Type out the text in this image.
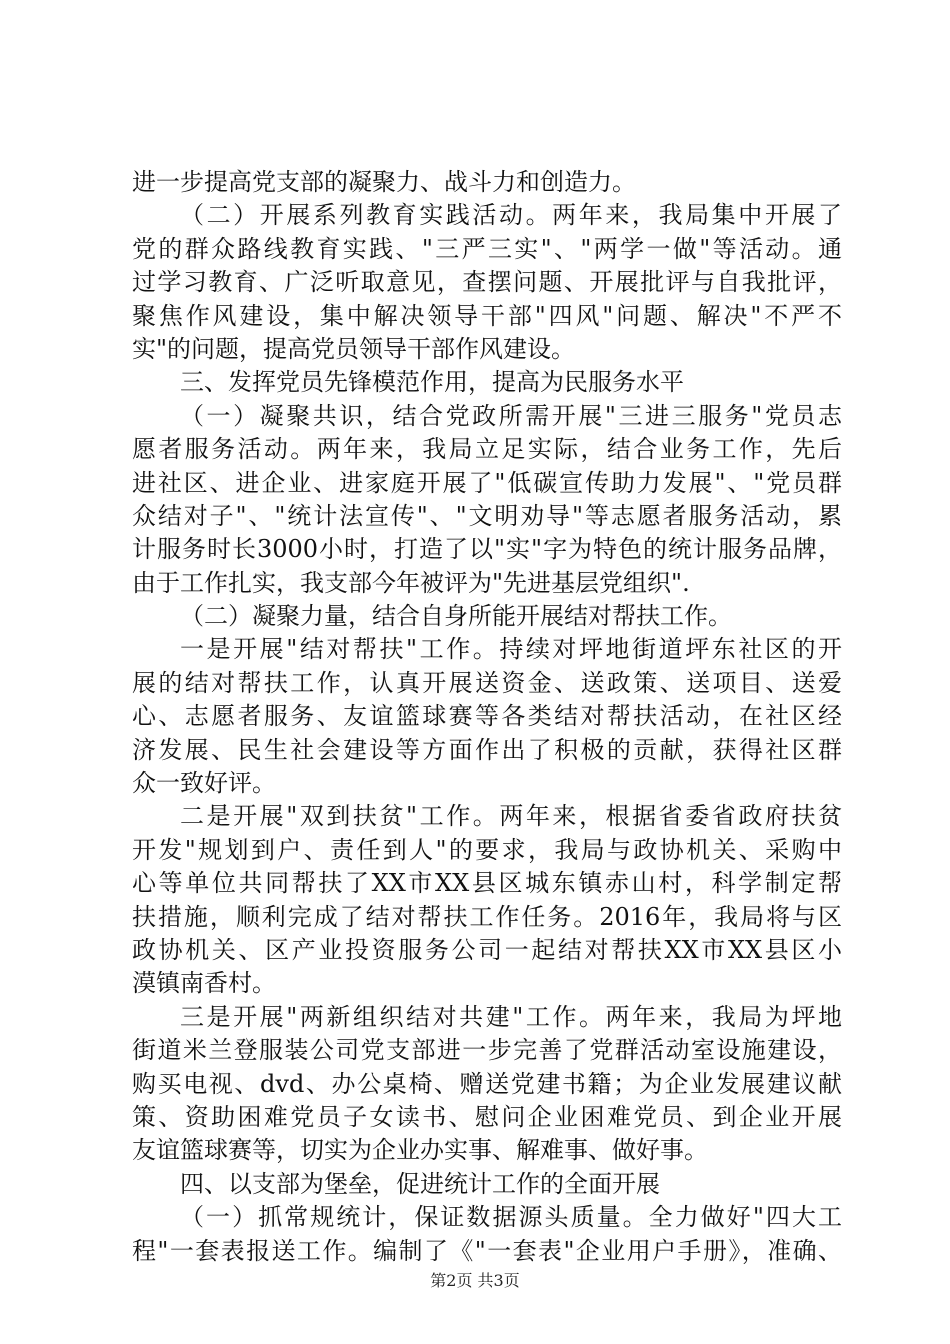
进一步提高党支部的凝聚力、战斗力和创造力。
（二）开展系列教育实践活动。两年来，我局集中开展了
党的群众路线教育实践、"三严三实"、"两学一做"等活动。通
过学习教育、广泛听取意见，查摆问题、开展批评与自我批评，
聚焦作风建设，集中解决领导干部"四风"问题、解决"不严不
实"的问题，提高党员领导干部作风建设。
三、发挥党员先锋模范作用，提高为民服务水平
（一）凝聚共识，结合党政所需开展"三进三服务"党员志
愿者服务活动。两年来，我局立足实际，结合业务工作，先后
进社区、进企业、进家庭开展了"低碳宣传助力发展"、"党员群
众结对子"、"统计法宣传"、"文明劝导"等志愿者服务活动，累
计服务时长3000小时，打造了以"实"字为特色的统计服务品牌，
由于工作扎实，我支部今年被评为"先进基层党组织".
（二）凝聚力量，结合自身所能开展结对帮扶工作。
一是开展"结对帮扶"工作。持续对坪地街道坪东社区的开
展的结对帮扶工作，认真开展送资金、送政策、送项目、送爱
心、志愿者服务、友谊篮球赛等各类结对帮扶活动，在社区经
济发展、民生社会建设等方面作出了积极的贡献，获得社区群
众一致好评。
二是开展"双到扶贫"工作。两年来，根据省委省政府扶贫
开发"规划到户、责任到人"的要求，我局与政协机关、采购中
心等单位共同帮扶了XX市XX县区城东镇赤山村，科学制定帮
扶措施，顺利完成了结对帮扶工作任务。2016年，我局将与区
政协机关、区产业投资服务公司一起结对帮扶XX市XX县区小
漠镇南香村。
三是开展"两新组织结对共建"工作。两年来，我局为坪地
街道米兰登服装公司党支部进一步完善了党群活动室设施建设，
购买电视、dvd、办公桌椅、赠送党建书籍；为企业发展建议献
策、资助困难党员子女读书、慰问企业困难党员、到企业开展
友谊篮球赛等，切实为企业办实事、解难事、做好事。
四、以支部为堡垒，促进统计工作的全面开展
（一）抓常规统计，保证数据源头质量。全力做好"四大工
程"一套表报送工作。编制了《"一套表"企业用户手册》，准确、
第2页 共3页
